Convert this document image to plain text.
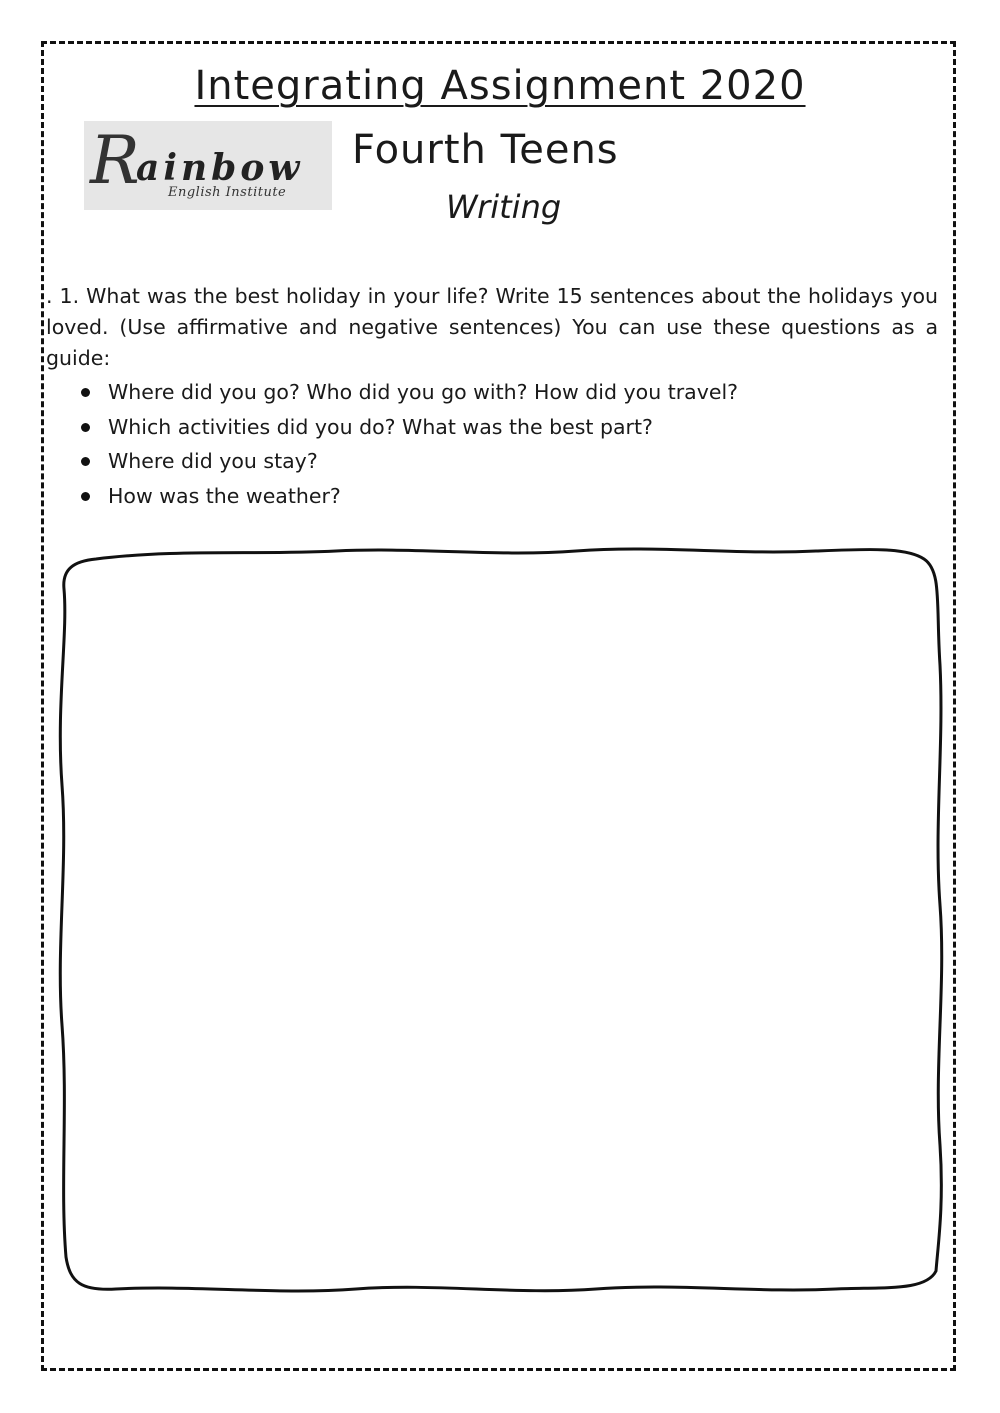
Integrating Assignment 2020
R
ainbow
English Institute
Fourth Teens
Writing

. 1. What was the best holiday in your life? Write 15 sentences about the holidays you loved. (Use affirmative and negative sentences) You can use these questions as a guide:

Where did you go? Who did you go with? How did you travel?
Which activities did you do? What was the best part?
Where did you stay?
How was the weather?
